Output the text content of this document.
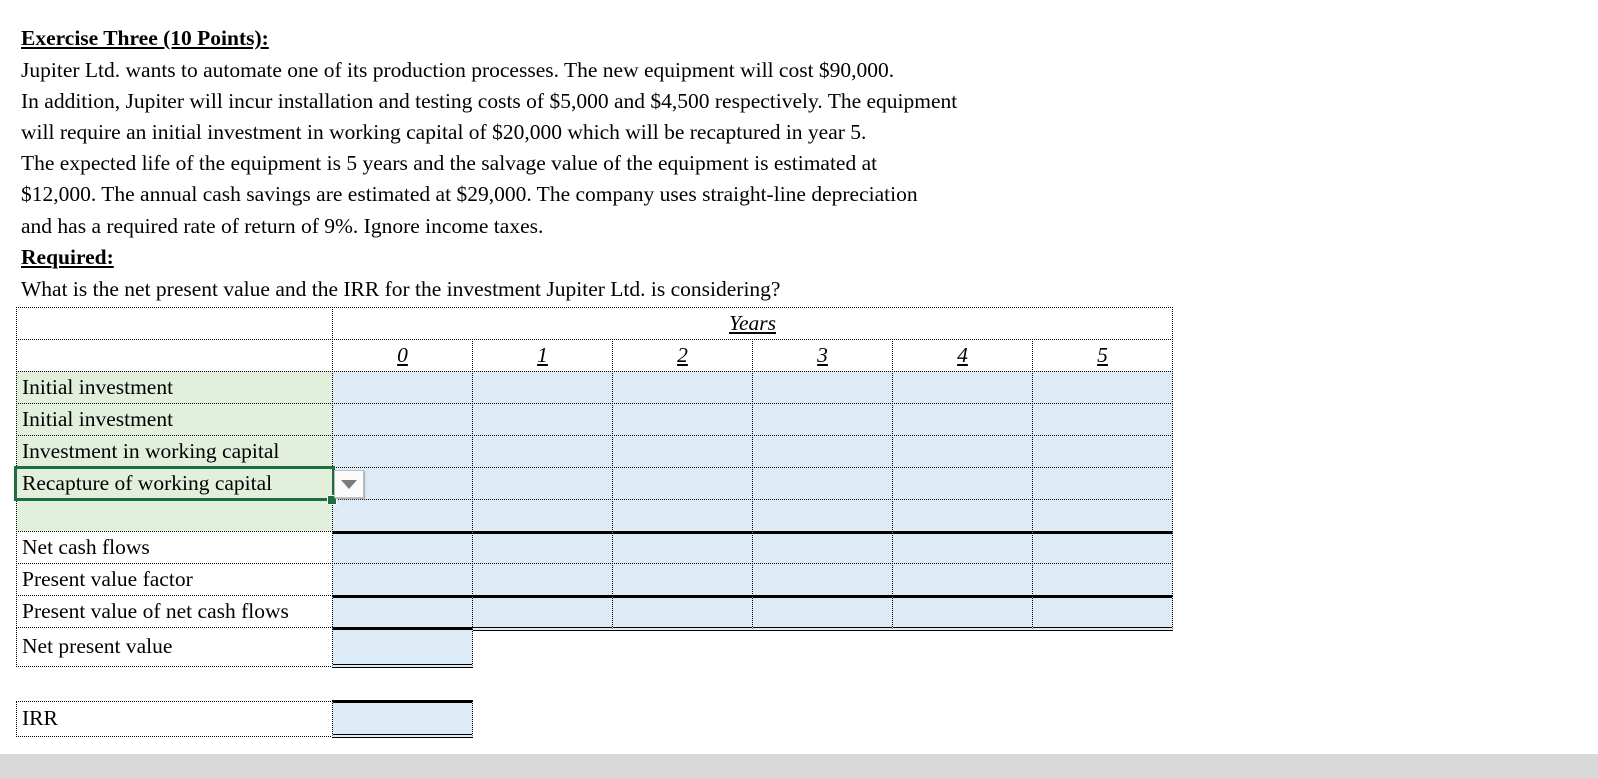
Exercise Three (10 Points):
Jupiter Ltd. wants to automate one of its production processes. The new equipment will cost $90,000.
In addition, Jupiter will incur installation and testing costs of $5,000 and $4,500 respectively. The equipment
will require an initial investment in working capital of $20,000 which will be recaptured in year 5.
The expected life of the equipment is 5 years and the salvage value of the equipment is estimated at
$12,000. The annual cash savings are estimated at $29,000. The company uses straight-line depreciation
and has a required rate of return of 9%. Ignore income taxes.
Required:
What is the net present value and the IRR for the investment Jupiter Ltd. is considering?
Years
0	1	2	3	4	5
Initial investment
Initial investment
Investment in working capital
Recapture of working capital
Net cash flows
Present value factor
Present value of net cash flows
Net present value
IRR
